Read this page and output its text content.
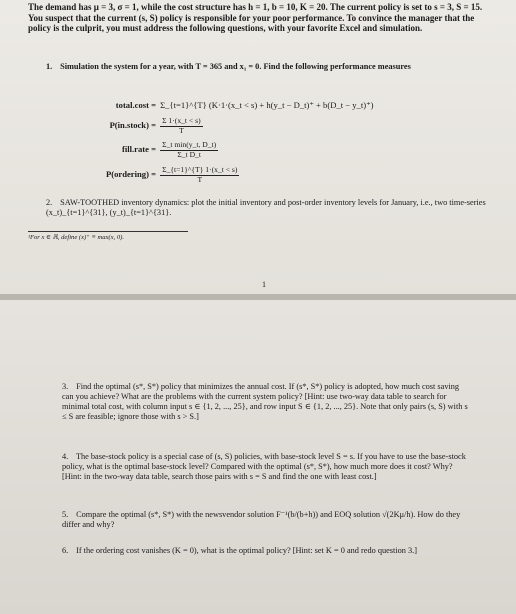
The demand has μ = 3, σ = 1, while the cost structure has h = 1, b = 10, K = 20. The current policy is set to s = 3, S = 15. You suspect that the current (s, S) policy is responsible for your poor performance. To convince the manager that the policy is the culprit, you must address the following questions, with your favorite Excel and simulation.
1. Simulation the system for a year, with T = 365 and x₁ = 0. Find the following performance measures
total.cost = Σ_{t=1}^{T} (K·1·(x_t < s) + h(y_t − D_t)⁺ + b(D_t − y_t)⁺)
P(in.stock) = $\frac{\Sigma 1\cdot(x\_t < s)}{T}$
fill.rate = $\frac{\text{Σ\_t min(y\_t, D\_t)}}{\text{Σ\_t D\_t}}$
P(ordering) = $\frac{\Sigma\_\{t=1\}\^{}\{T\} 1\cdot(x\_t < s)}{T}$
2. SAW-TOOTHED inventory dynamics: plot the initial inventory and post-order inventory levels for January, i.e., two time-series (x_t)_{t=1}^{31}, (y_t)_{t=1}^{31}.
¹For x ∈ ℝ, define (x)⁺ ≡ max(x, 0).
1
3. Find the optimal (s*, S*) policy that minimizes the annual cost. If (s*, S*) policy is adopted, how much cost saving can you achieve? What are the problems with the current system policy? [Hint: use two-way data table to search for minimal total cost, with column input s ∈ {1, 2, ..., 25}, and row input S ∈ {1, 2, ..., 25}. Note that only pairs (s, S) with s ≤ S are feasible; ignore those with s > S.]
4. The base-stock policy is a special case of (s, S) policies, with base-stock level S = s. If you have to use the base-stock policy, what is the optimal base-stock level? Compared with the optimal (s*, S*), how much more does it cost? Why? [Hint: in the two-way data table, search those pairs with s = S and find the one with least cost.]
5. Compare the optimal (s*, S*) with the newsvendor solution F⁻¹(b/(b+h)) and EOQ solution √(2Kμ/h). How do they differ and why?
6. If the ordering cost vanishes (K = 0), what is the optimal policy? [Hint: set K = 0 and redo question 3.]
